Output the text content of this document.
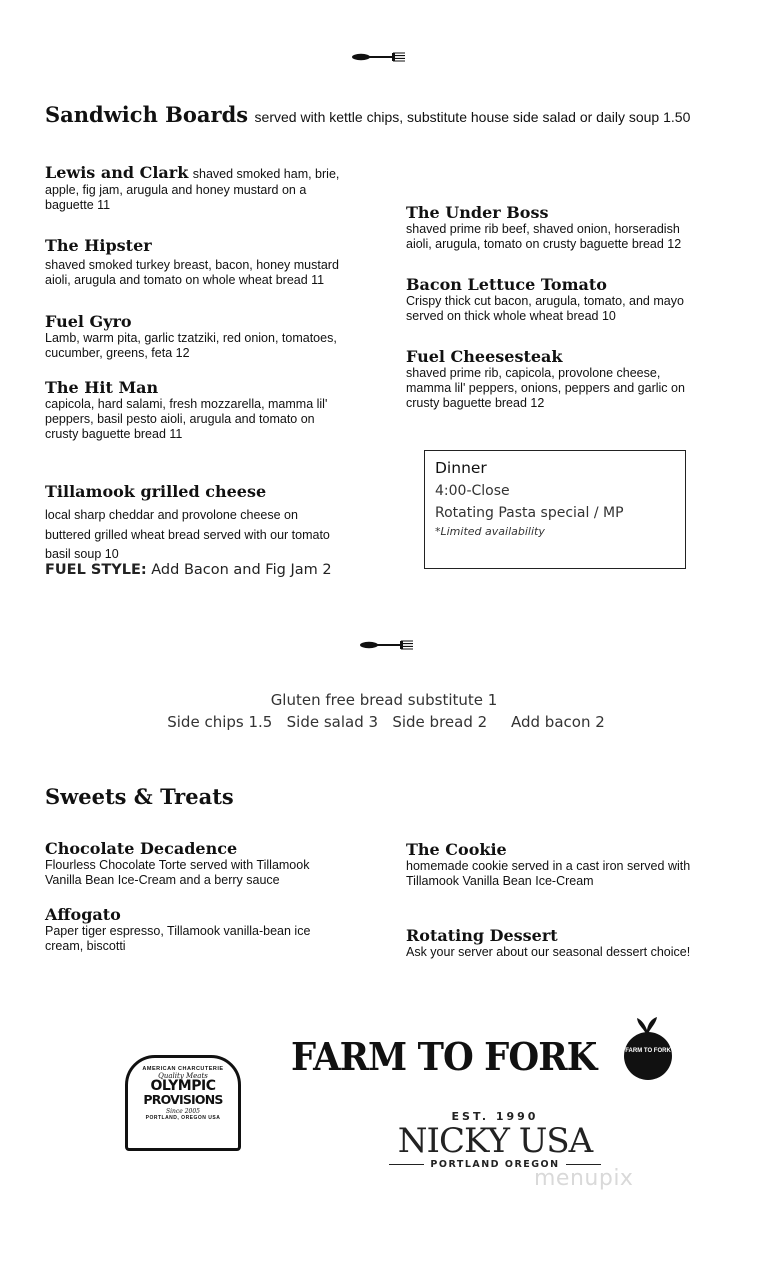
Sandwich Boards served with kettle chips, substitute house side salad or daily soup 1.50
Lewis and Clark shaved smoked ham, brie,
apple, fig jam, arugula and honey mustard on a
baguette 11
The Hipster
shaved smoked turkey breast, bacon, honey mustard
aioli, arugula and tomato on whole wheat bread 11
Fuel Gyro
Lamb, warm pita, garlic tzatziki, red onion, tomatoes,
cucumber, greens, feta 12
The Hit Man
capicola, hard salami, fresh mozzarella, mamma lil'
peppers, basil pesto aioli, arugula and tomato on
crusty baguette bread 11
Tillamook grilled cheese
local sharp cheddar and provolone cheese on
buttered grilled wheat bread served with our tomato
basil soup 10
FUEL STYLE: Add Bacon and Fig Jam 2
The Under Boss
shaved prime rib beef, shaved onion, horseradish
aioli, arugula, tomato on crusty baguette bread 12
Bacon Lettuce Tomato
Crispy thick cut bacon, arugula, tomato, and mayo
served on thick whole wheat bread 10
Fuel Cheesesteak
shaved prime rib, capicola, provolone cheese,
mamma lil' peppers, onions, peppers and garlic on
crusty baguette bread 12
Dinner
4:00-Close
Rotating Pasta special / MP
*Limited availability
Gluten free bread substitute 1
Side chips 1.5   Side salad 3   Side bread 2     Add bacon 2
Sweets & Treats
Chocolate Decadence
Flourless Chocolate Torte served with Tillamook
Vanilla Bean Ice-Cream and a berry sauce
Affogato
Paper tiger espresso, Tillamook vanilla-bean ice
cream, biscotti
The Cookie
homemade cookie served in a cast iron served with
Tillamook Vanilla Bean Ice-Cream
Rotating Dessert
Ask your server about our seasonal dessert choice!
AMERICAN CHARCUTERIE
Quality Meats
OLYMPIC
PROVISIONS
Since 2005
PORTLAND, OREGON USA
FARM TO FORK	FARM TO FORK
EST. 1990
NICKY USA
PORTLAND OREGON
menupix
